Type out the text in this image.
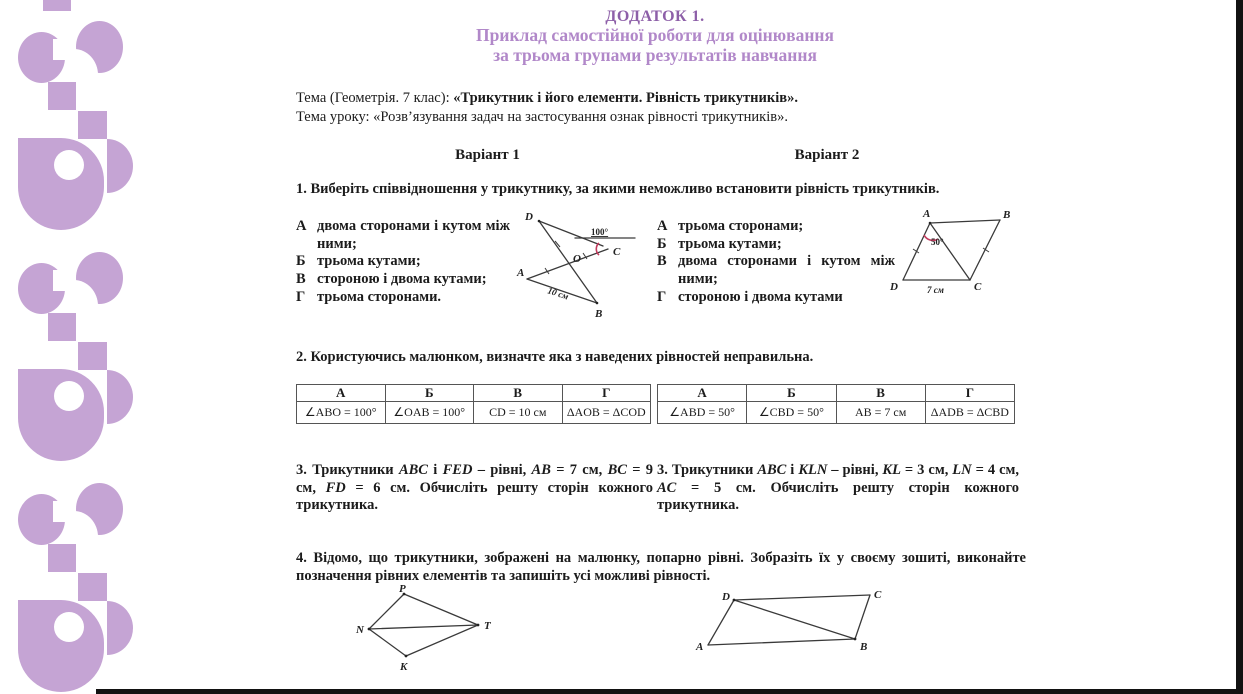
ДОДАТОК 1.
Приклад самостійної роботи для оцінювання
за трьома групами результатів навчання
Тема (Геометрія. 7 клас): «Трикутник і його елементи. Рівність трикутників».
Тема уроку: «Розв’язування задач на застосування ознак рівності трикутників».
Варіант 1	Варіант 2
1. Виберіть співвідношення у трикутнику, за якими неможливо встановити рівність трикутників.
А двома сторонами і кутом між ними;
Б трьома кутами;
В стороною і двома кутами;
Г трьома сторонами.
D
C
O
A
B
100°
10 см
А трьома сторонами;
Б трьома кутами;
В двома сторонами і кутом між ними;
Г стороною і двома кутами
A	B
C
D
50°
7 см
2. Користуючись малюнком, визначте яка з наведених рівностей неправильна.
А	Б	В	Г
∠ABO = 100°	∠OAB = 100°	CD = 10 см	ΔAOB = ΔCOD
А	Б	В	Г
∠ABD = 50°	∠CBD = 50°	AB = 7 см	ΔADB = ΔCBD
3. Трикутники ABC і FED – рівні, AB = 7 см, BC = 9 см, FD = 6 см. Обчисліть решту сторін кожного трикутника.
3. Трикутники ABC і KLN – рівні, KL = 3 см, LN = 4 см, AC = 5 см. Обчисліть решту сторін кожного трикутника.
4. Відомо, що трикутники, зображені на малюнку, попарно рівні. Зобразіть їх у своєму зошиті, виконайте позначення рівних елементів та запишіть усі можливі рівності.
P
N	T
K
D	C
A	B
